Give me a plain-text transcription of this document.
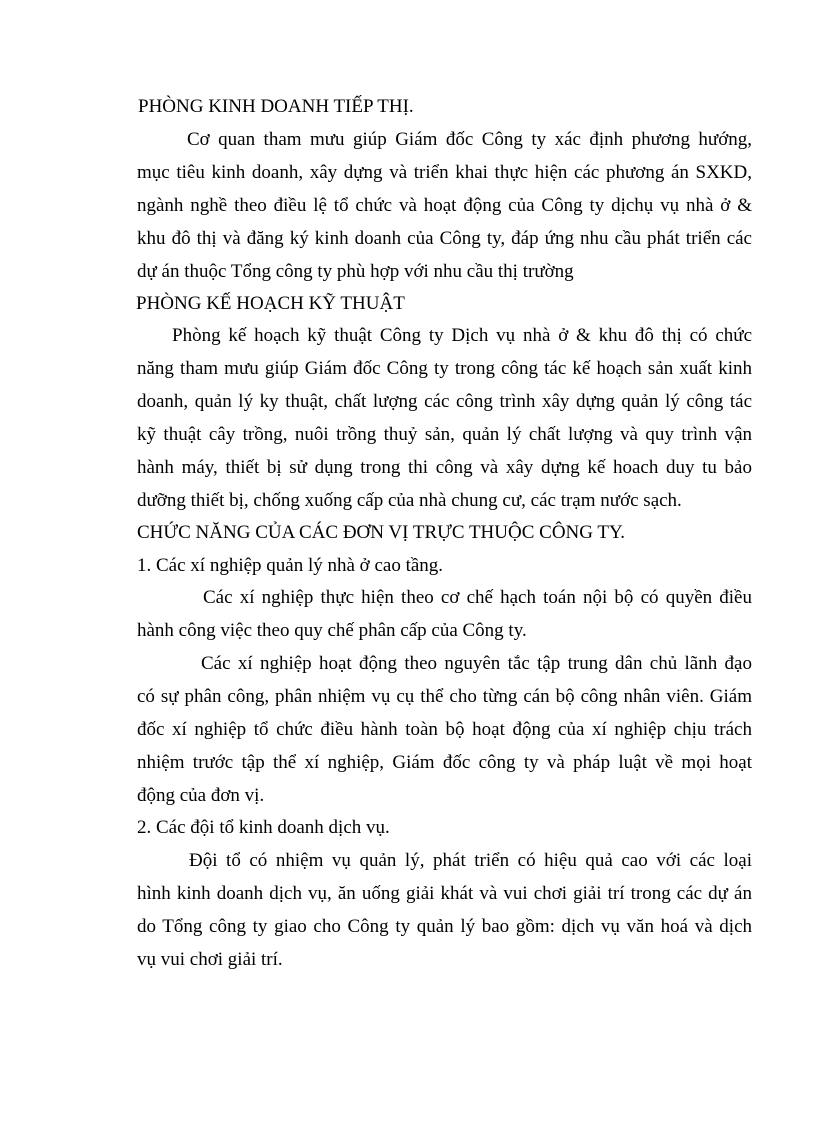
PHÒNG KINH DOANH TIẾP THỊ.
Cơ quan tham mưu giúp Giám đốc Công ty xác định phương hướng,
mục tiêu kinh doanh, xây dựng và triển khai thực hiện các phương án SXKD,
ngành nghề theo điều lệ tổ chức và hoạt động của Công ty dịchụ vụ nhà ở &
khu đô thị và đăng ký kinh doanh của Công ty, đáp ứng nhu cầu phát triển các
dự án thuộc Tổng công ty phù hợp với nhu cầu thị trường
PHÒNG KẾ HOẠCH KỸ THUẬT
Phòng kế hoạch kỹ thuật Công ty Dịch vụ nhà ở & khu đô thị có chức
năng tham mưu giúp Giám đốc Công ty trong công tác kế hoạch sản xuất kinh
doanh, quản lý ky thuật, chất lượng các công trình xây dựng quản lý công tác
kỹ thuật cây trồng, nuôi trồng thuỷ sản, quản lý chất lượng và quy trình vận
hành máy, thiết bị sử dụng trong thi công và xây dựng kế hoach duy tu bảo
dưỡng thiết bị, chống xuống cấp của nhà chung cư, các trạm nước sạch.
CHỨC NĂNG CỦA CÁC ĐƠN VỊ TRỰC THUỘC CÔNG TY.
1. Các xí nghiệp quản lý nhà ở cao tầng.
Các xí nghiệp thực hiện theo cơ chế hạch toán nội bộ có quyền điều
hành công việc theo quy chế phân cấp của Công ty.
Các xí nghiệp hoạt động theo nguyên tắc tập trung dân chủ lãnh đạo
có sự phân công, phân nhiệm vụ cụ thể cho từng cán bộ công nhân viên. Giám
đốc xí nghiệp tổ chức điều hành toàn bộ hoạt động của xí nghiệp chịu trách
nhiệm trước tập thể xí nghiệp, Giám đốc công ty và pháp luật về mọi hoạt
động của đơn vị.
2. Các đội tổ kinh doanh dịch vụ.
Đội tổ có nhiệm vụ quản lý, phát triển có hiệu quả cao với các loại
hình kinh doanh dịch vụ, ăn uống giải khát và vui chơi giải trí trong các dự án
do Tổng công ty giao cho Công ty quản lý bao gồm: dịch vụ văn hoá và dịch
vụ vui chơi giải trí.
